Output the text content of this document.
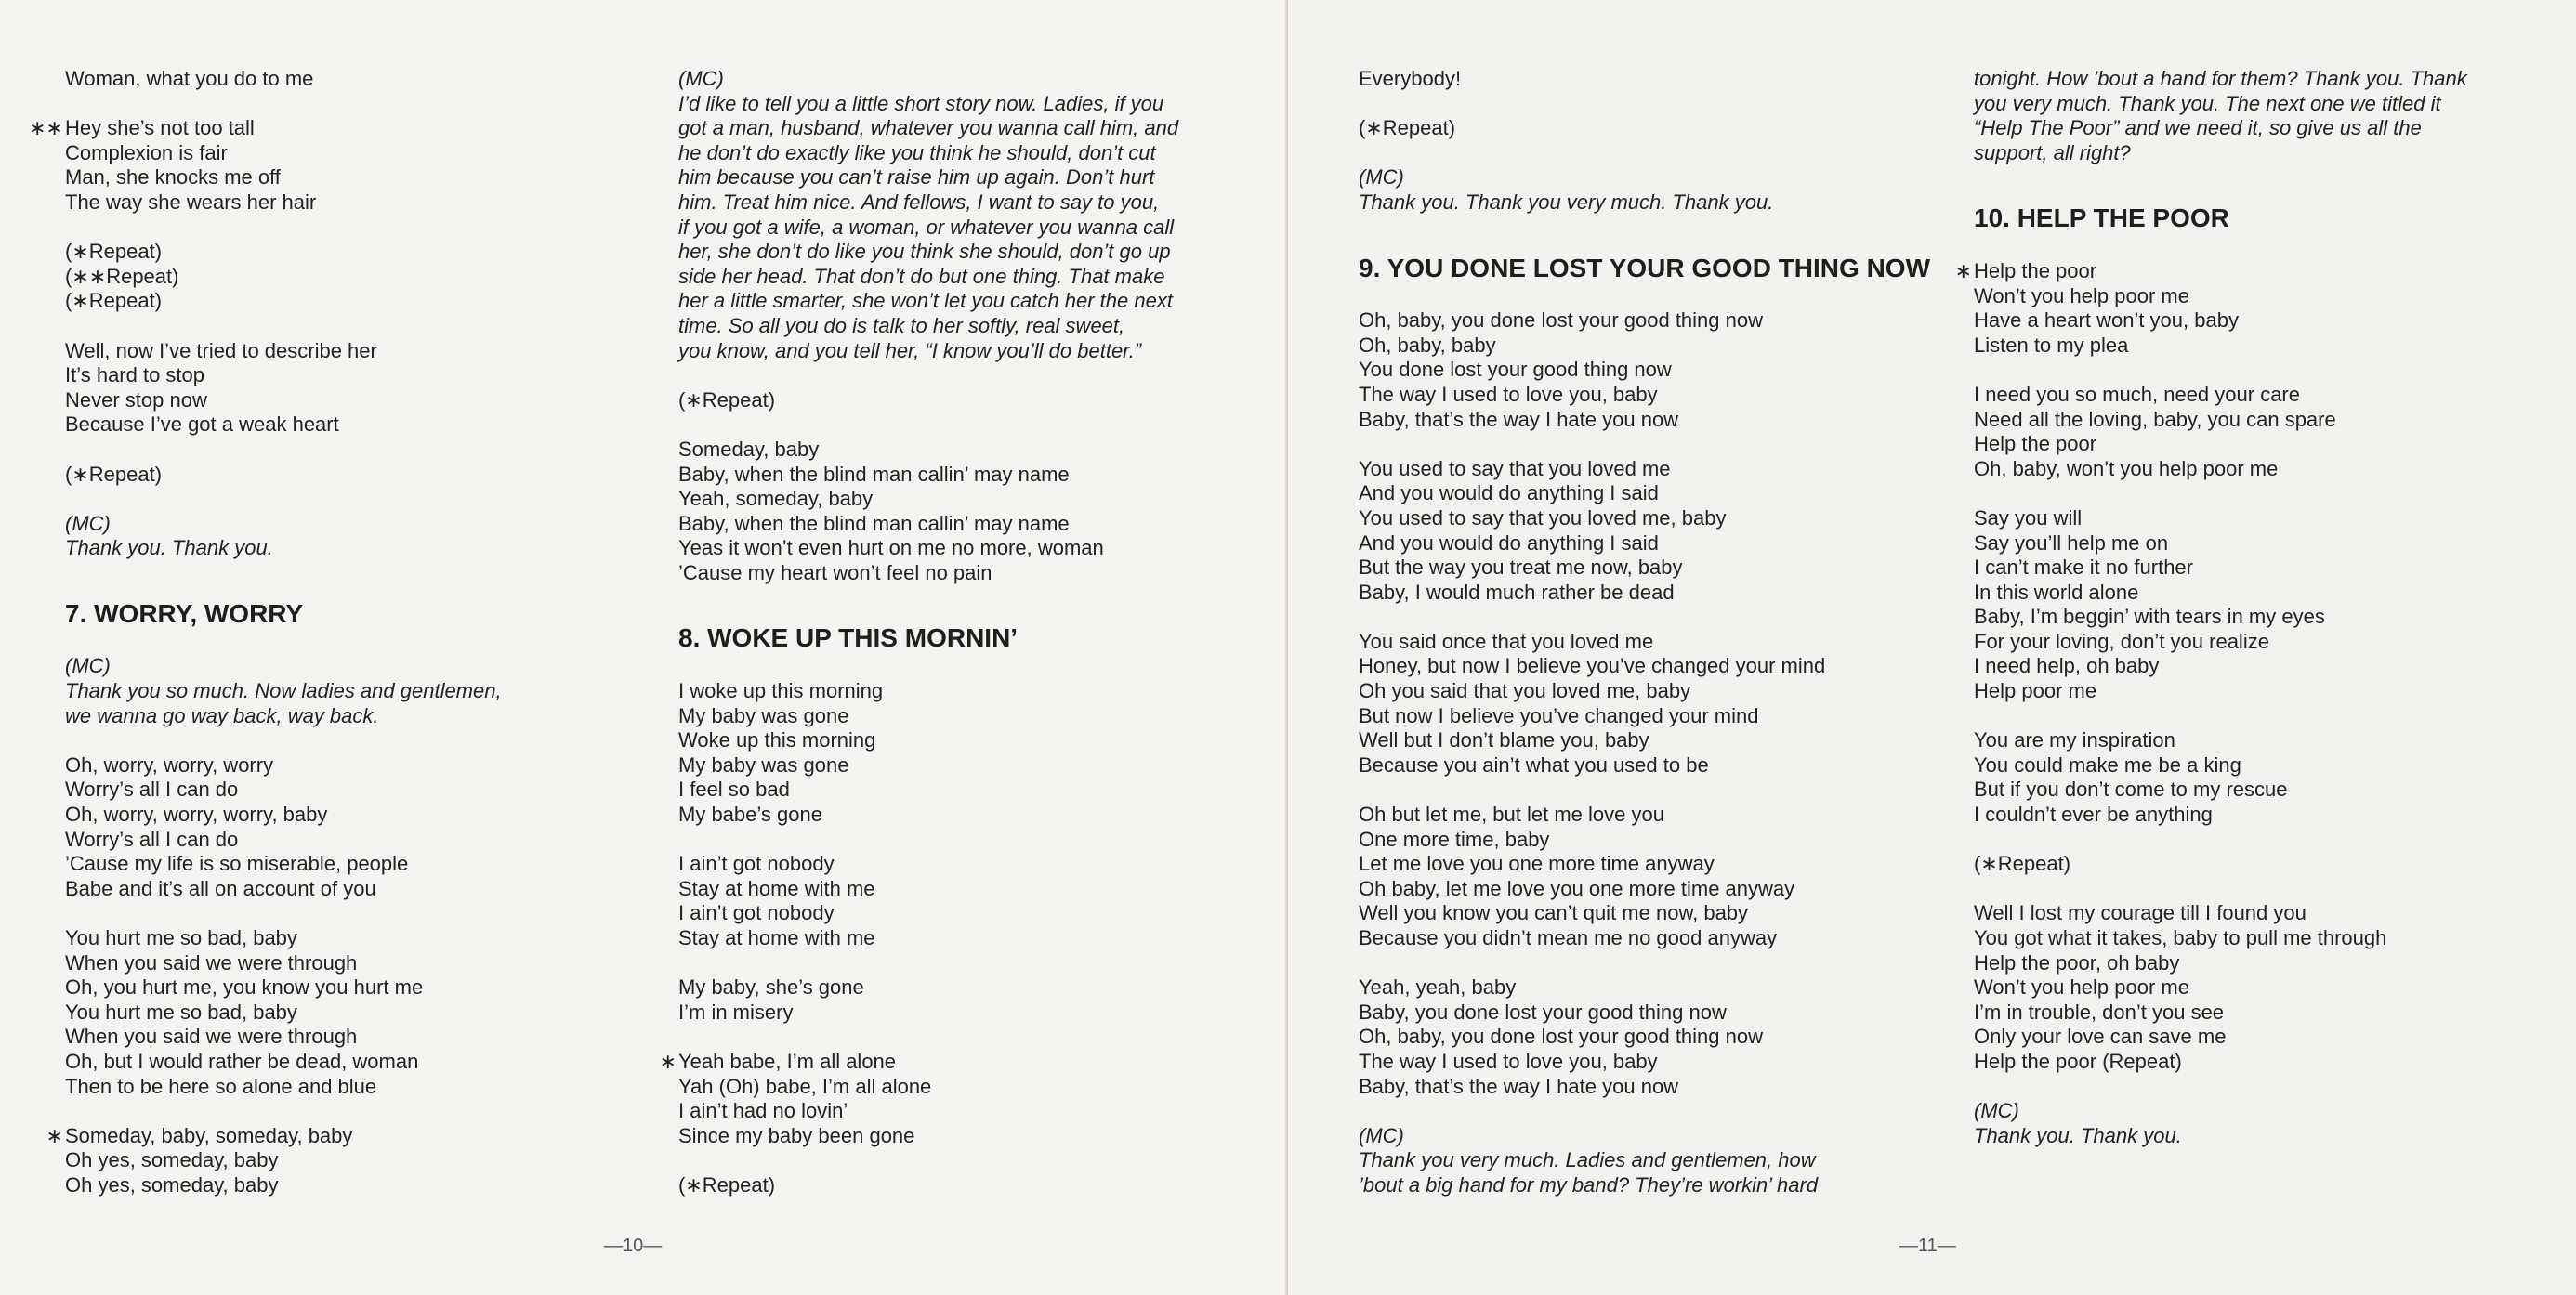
Woman, what you do to me
∗∗ Hey she’s not too tall
Complexion is fair
Man, she knocks me off
The way she wears her hair
(∗Repeat)
(∗∗Repeat)
(∗Repeat)
Well, now I’ve tried to describe her
It’s hard to stop
Never stop now
Because I’ve got a weak heart
(∗Repeat)
(MC)
Thank you. Thank you.
7. WORRY, WORRY
(MC)
Thank you so much. Now ladies and gentlemen,
we wanna go way back, way back.
Oh, worry, worry, worry
Worry’s all I can do
Oh, worry, worry, worry, baby
Worry’s all I can do
’Cause my life is so miserable, people
Babe and it’s all on account of you
You hurt me so bad, baby
When you said we were through
Oh, you hurt me, you know you hurt me
You hurt me so bad, baby
When you said we were through
Oh, but I would rather be dead, woman
Then to be here so alone and blue
∗ Someday, baby, someday, baby
Oh yes, someday, baby
Oh yes, someday, baby
(MC)
I’d like to tell you a little short story now. Ladies, if you
got a man, husband, whatever you wanna call him, and
he don’t do exactly like you think he should, don’t cut
him because you can’t raise him up again. Don’t hurt
him. Treat him nice. And fellows, I want to say to you,
if you got a wife, a woman, or whatever you wanna call
her, she don’t do like you think she should, don’t go up
side her head. That don’t do but one thing. That make
her a little smarter, she won’t let you catch her the next
time. So all you do is talk to her softly, real sweet,
you know, and you tell her, “I know you’ll do better.”
(∗Repeat)
Someday, baby
Baby, when the blind man callin’ may name
Yeah, someday, baby
Baby, when the blind man callin’ may name
Yeas it won’t even hurt on me no more, woman
’Cause my heart won’t feel no pain
8. WOKE UP THIS MORNIN’
I woke up this morning
My baby was gone
Woke up this morning
My baby was gone
I feel so bad
My babe’s gone
I ain’t got nobody
Stay at home with me
I ain’t got nobody
Stay at home with me
My baby, she’s gone
I’m in misery
∗ Yeah babe, I’m all alone
Yah (Oh) babe, I’m all alone
I ain’t had no lovin’
Since my baby been gone
(∗Repeat)
—10—
Everybody!
(∗Repeat)
(MC)
Thank you. Thank you very much. Thank you.
9. YOU DONE LOST YOUR GOOD THING NOW
Oh, baby, you done lost your good thing now
Oh, baby, baby
You done lost your good thing now
The way I used to love you, baby
Baby, that’s the way I hate you now
You used to say that you loved me
And you would do anything I said
You used to say that you loved me, baby
And you would do anything I said
But the way you treat me now, baby
Baby, I would much rather be dead
You said once that you loved me
Honey, but now I believe you’ve changed your mind
Oh you said that you loved me, baby
But now I believe you’ve changed your mind
Well but I don’t blame you, baby
Because you ain’t what you used to be
Oh but let me, but let me love you
One more time, baby
Let me love you one more time anyway
Oh baby, let me love you one more time anyway
Well you know you can’t quit me now, baby
Because you didn’t mean me no good anyway
Yeah, yeah, baby
Baby, you done lost your good thing now
Oh, baby, you done lost your good thing now
The way I used to love you, baby
Baby, that’s the way I hate you now
(MC)
Thank you very much. Ladies and gentlemen, how
’bout a big hand for my band? They’re workin’ hard
tonight. How ’bout a hand for them? Thank you. Thank
you very much. Thank you. The next one we titled it
“Help The Poor” and we need it, so give us all the
support, all right?
10. HELP THE POOR
∗ Help the poor
Won’t you help poor me
Have a heart won’t you, baby
Listen to my plea
I need you so much, need your care
Need all the loving, baby, you can spare
Help the poor
Oh, baby, won’t you help poor me
Say you will
Say you’ll help me on
I can’t make it no further
In this world alone
Baby, I’m beggin’ with tears in my eyes
For your loving, don’t you realize
I need help, oh baby
Help poor me
You are my inspiration
You could make me be a king
But if you don’t come to my rescue
I couldn’t ever be anything
(∗Repeat)
Well I lost my courage till I found you
You got what it takes, baby to pull me through
Help the poor, oh baby
Won’t you help poor me
I’m in trouble, don’t you see
Only your love can save me
Help the poor (Repeat)
(MC)
Thank you. Thank you.
—11—
